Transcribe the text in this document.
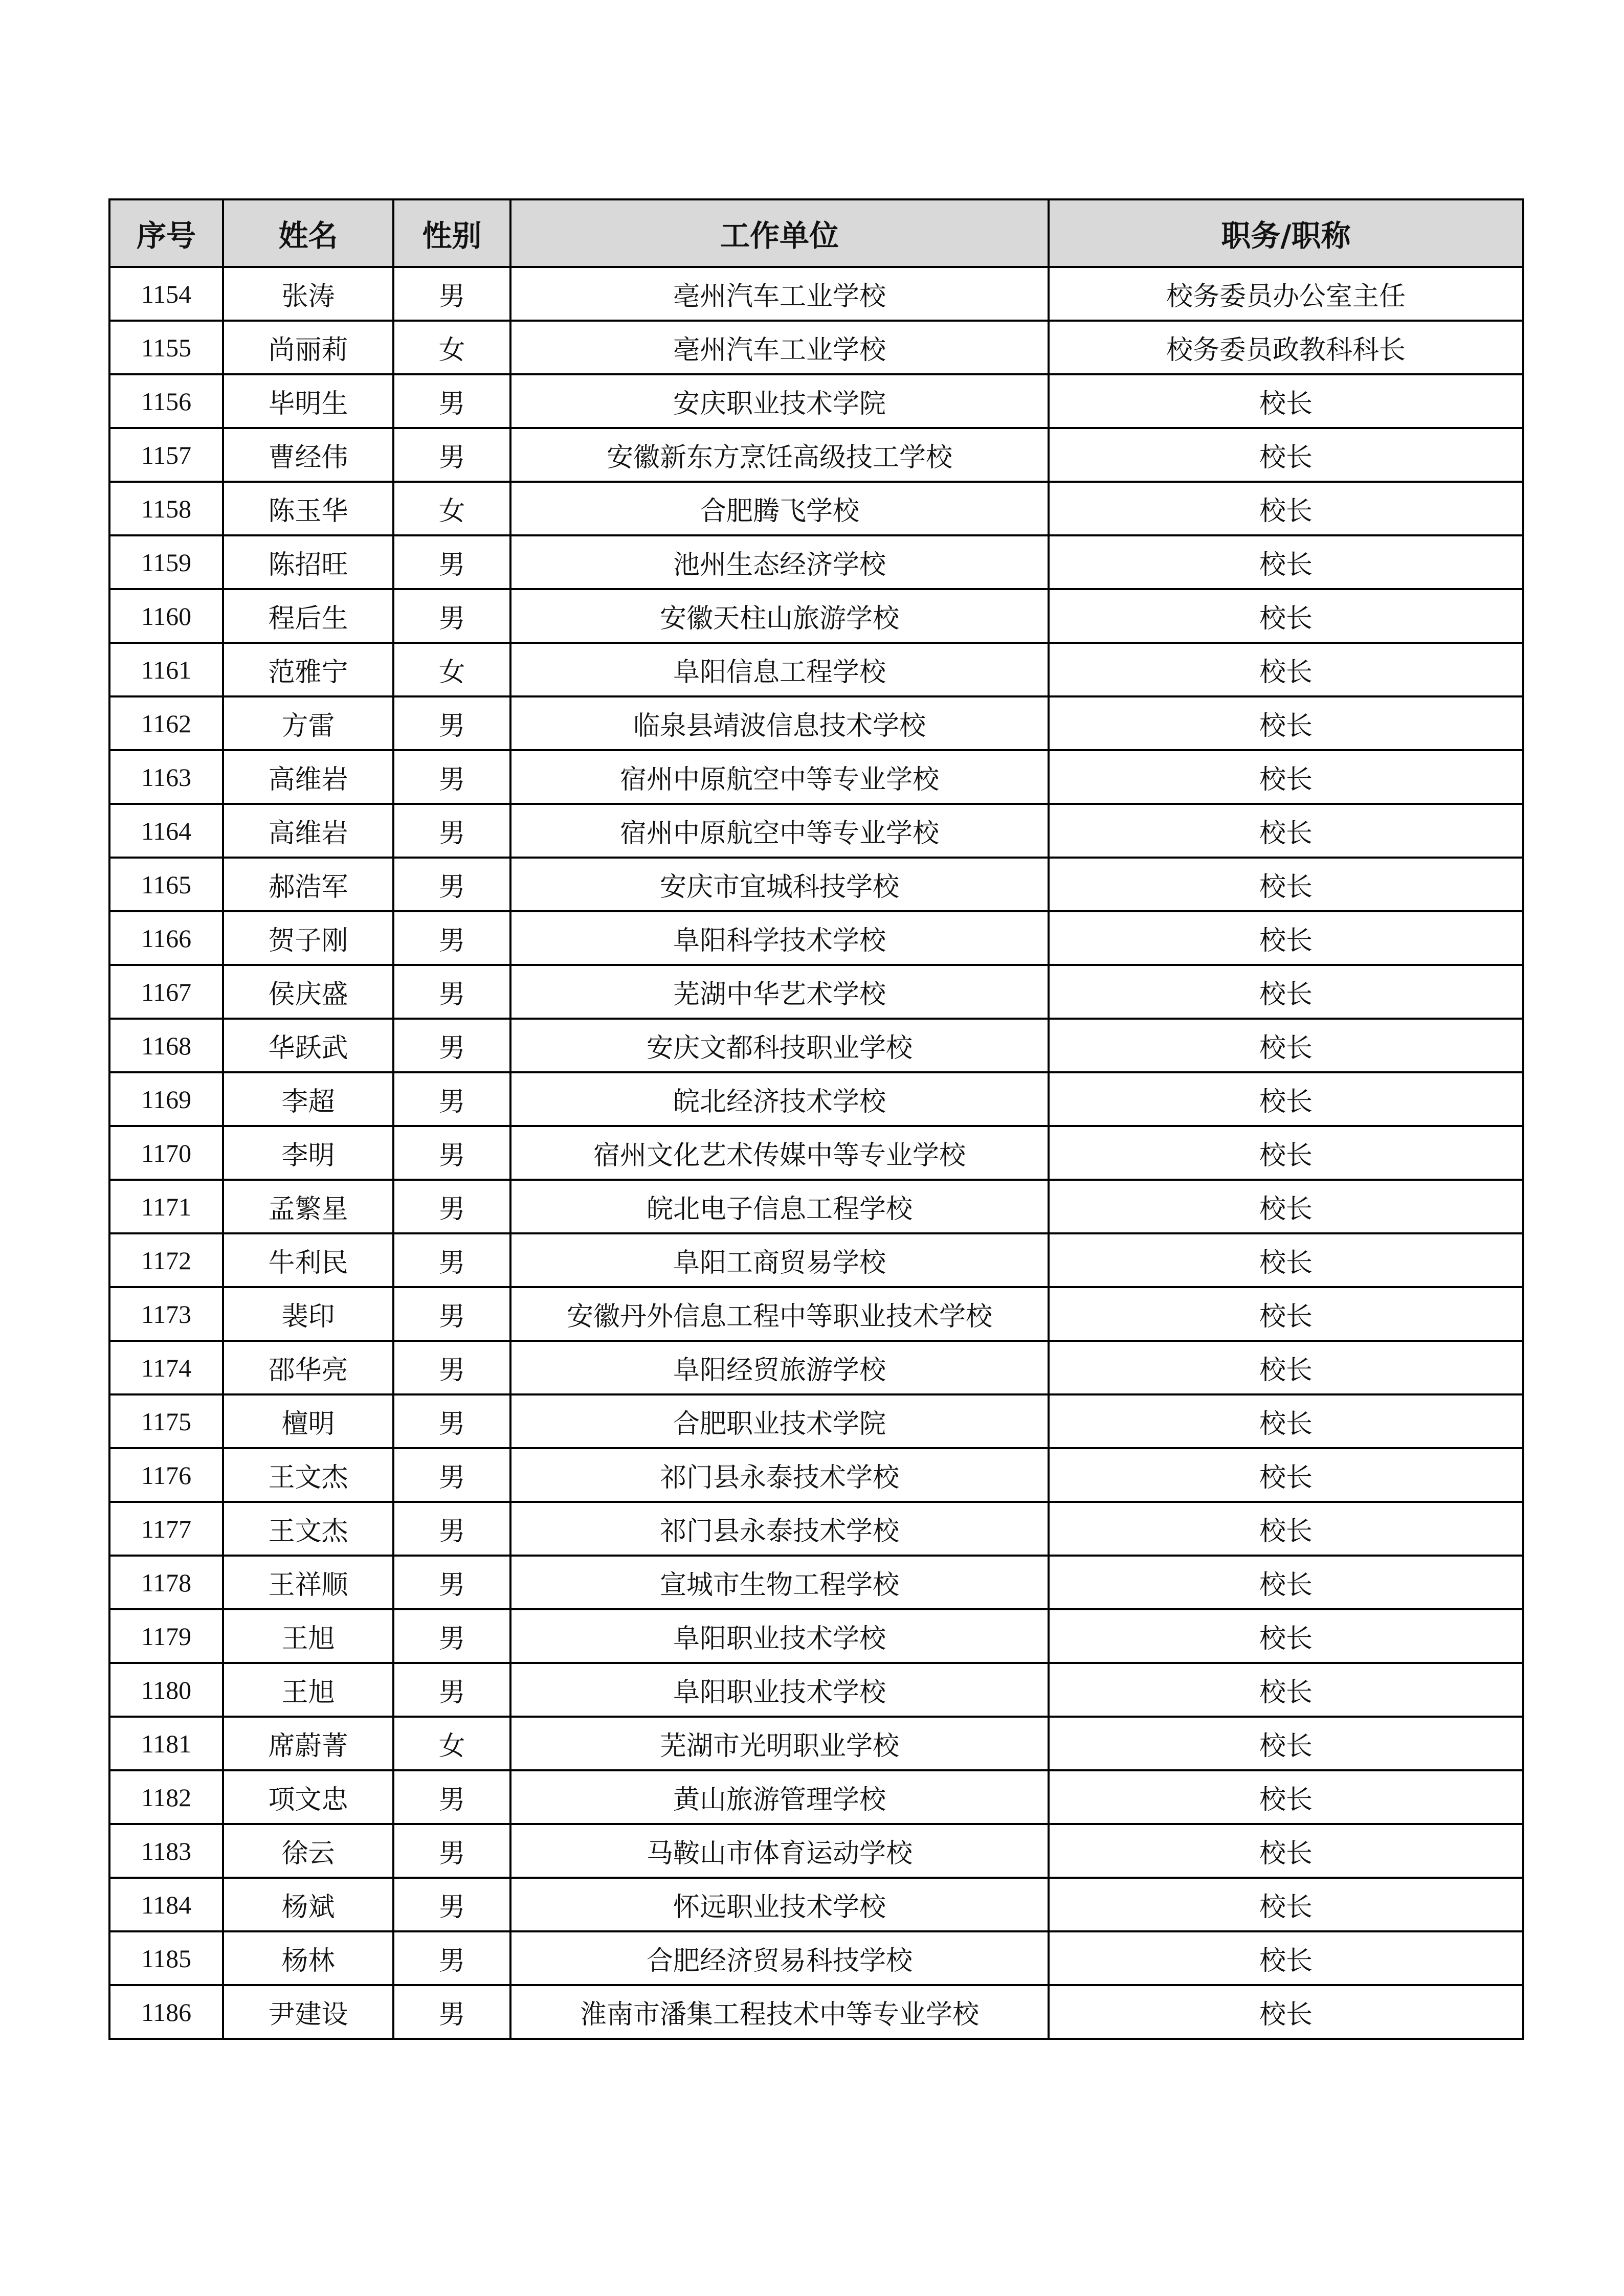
序号	姓名	性别	工作单位	职务/职称
1154	张涛	男	亳州汽车工业学校	校务委员办公室主任
1155	尚丽莉	女	亳州汽车工业学校	校务委员政教科科长
1156	毕明生	男	安庆职业技术学院	校长
1157	曹经伟	男	安徽新东方烹饪高级技工学校	校长
1158	陈玉华	女	合肥腾飞学校	校长
1159	陈招旺	男	池州生态经济学校	校长
1160	程后生	男	安徽天柱山旅游学校	校长
1161	范雅宁	女	阜阳信息工程学校	校长
1162	方雷	男	临泉县靖波信息技术学校	校长
1163	高维岩	男	宿州中原航空中等专业学校	校长
1164	高维岩	男	宿州中原航空中等专业学校	校长
1165	郝浩军	男	安庆市宜城科技学校	校长
1166	贺子刚	男	阜阳科学技术学校	校长
1167	侯庆盛	男	芜湖中华艺术学校	校长
1168	华跃武	男	安庆文都科技职业学校	校长
1169	李超	男	皖北经济技术学校	校长
1170	李明	男	宿州文化艺术传媒中等专业学校	校长
1171	孟繁星	男	皖北电子信息工程学校	校长
1172	牛利民	男	阜阳工商贸易学校	校长
1173	裴印	男	安徽丹外信息工程中等职业技术学校	校长
1174	邵华亮	男	阜阳经贸旅游学校	校长
1175	檀明	男	合肥职业技术学院	校长
1176	王文杰	男	祁门县永泰技术学校	校长
1177	王文杰	男	祁门县永泰技术学校	校长
1178	王祥顺	男	宣城市生物工程学校	校长
1179	王旭	男	阜阳职业技术学校	校长
1180	王旭	男	阜阳职业技术学校	校长
1181	席蔚菁	女	芜湖市光明职业学校	校长
1182	项文忠	男	黄山旅游管理学校	校长
1183	徐云	男	马鞍山市体育运动学校	校长
1184	杨斌	男	怀远职业技术学校	校长
1185	杨林	男	合肥经济贸易科技学校	校长
1186	尹建设	男	淮南市潘集工程技术中等专业学校	校长
